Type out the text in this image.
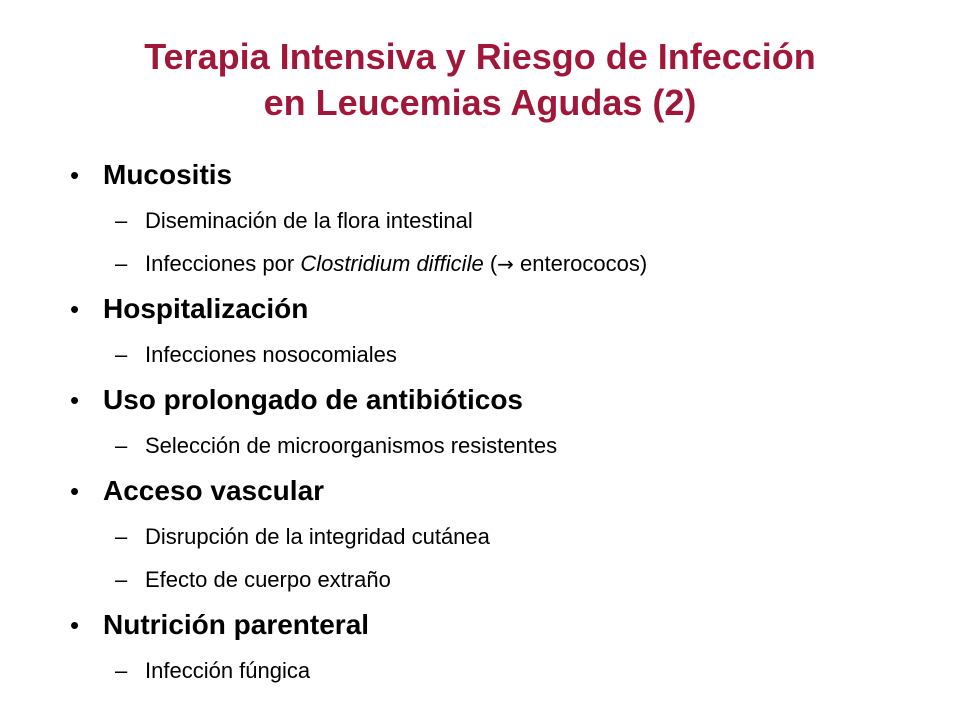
Terapia Intensiva y Riesgo de Infección
en Leucemias Agudas (2)
• Mucositis
– Diseminación de la flora intestinal
– Infecciones por Clostridium difficile (→ enterococos)
• Hospitalización
– Infecciones nosocomiales
• Uso prolongado de antibióticos
– Selección de microorganismos resistentes
• Acceso vascular
– Disrupción de la integridad cutánea
– Efecto de cuerpo extraño
• Nutrición parenteral
– Infección fúngica
